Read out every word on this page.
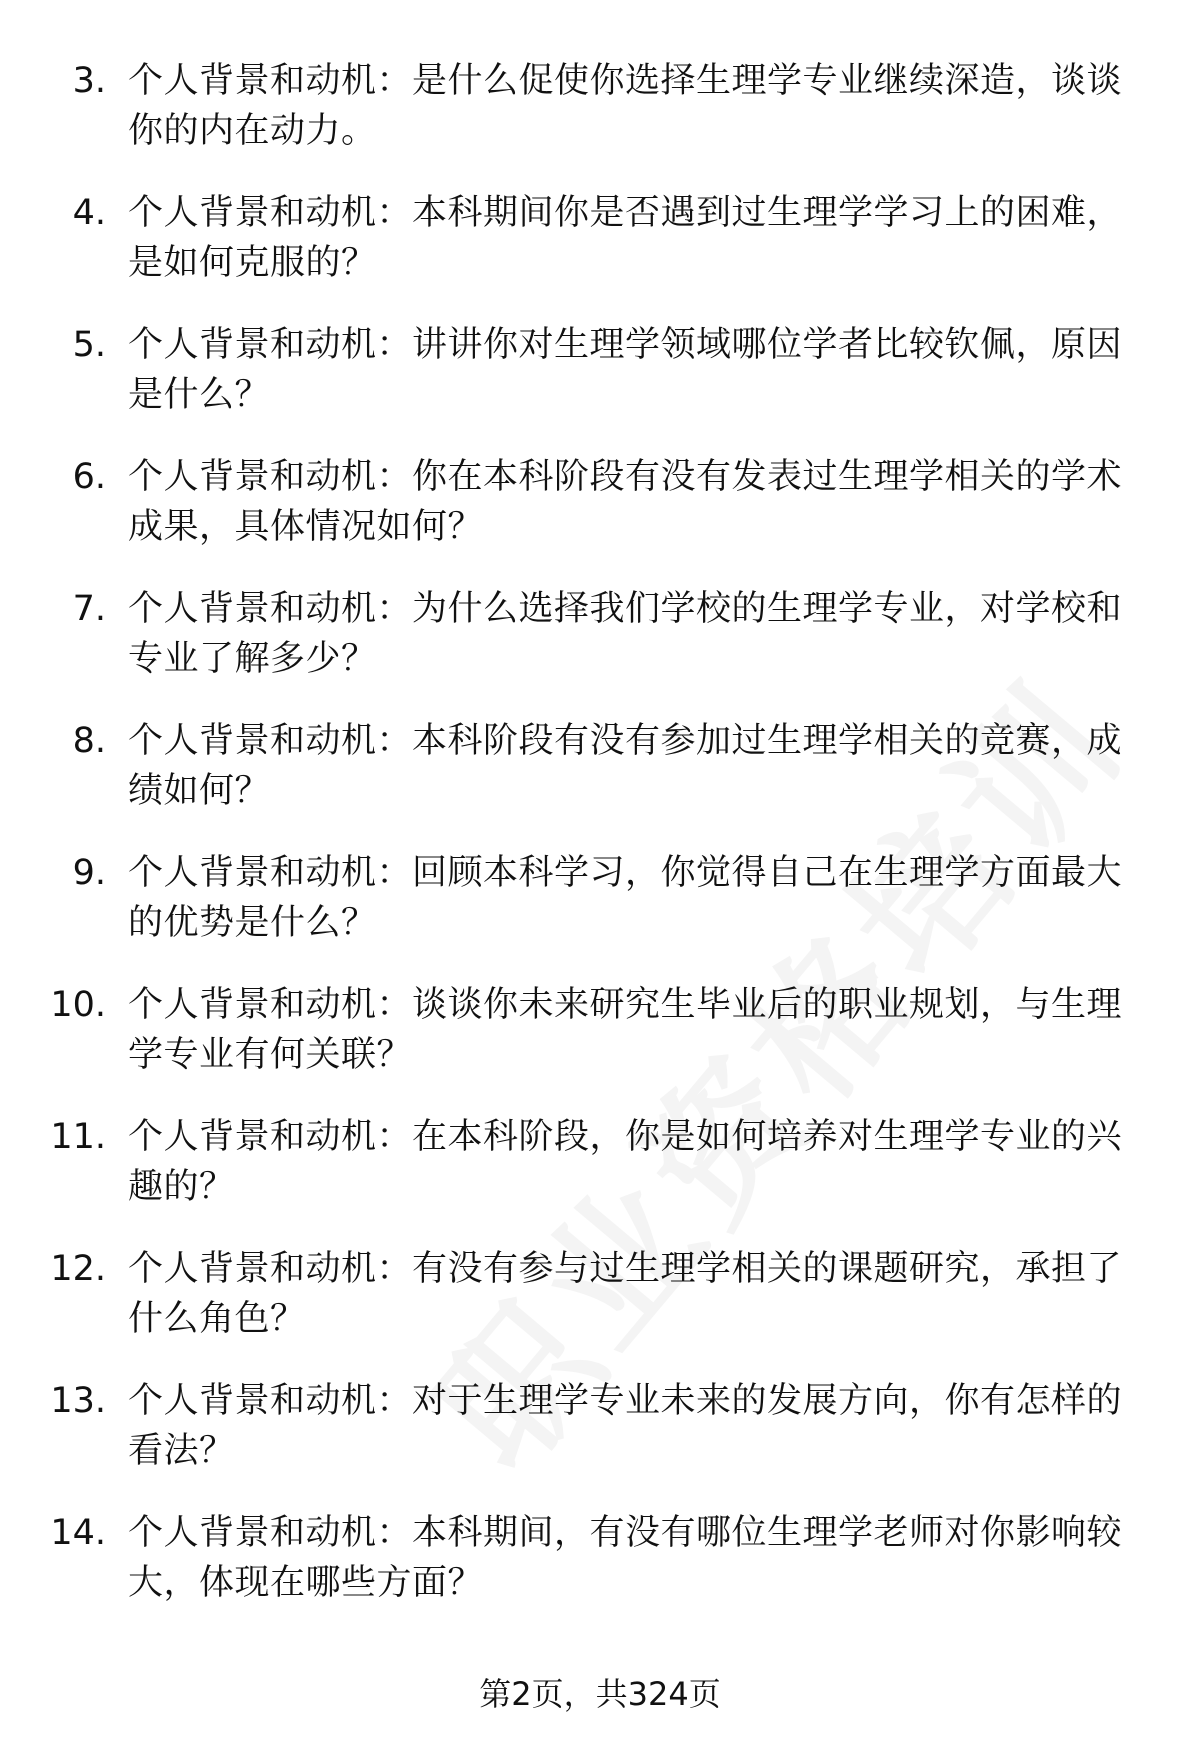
3. 个人背景和动机：是什么促使你选择生理学专业继续深造，谈谈你的内在动力。
4. 个人背景和动机：本科期间你是否遇到过生理学学习上的困难，是如何克服的？
5. 个人背景和动机：讲讲你对生理学领域哪位学者比较钦佩，原因是什么？
6. 个人背景和动机：你在本科阶段有没有发表过生理学相关的学术成果，具体情况如何？
7. 个人背景和动机：为什么选择我们学校的生理学专业，对学校和专业了解多少？
8. 个人背景和动机：本科阶段有没有参加过生理学相关的竞赛，成绩如何？
9. 个人背景和动机：回顾本科学习，你觉得自己在生理学方面最大的优势是什么？
10. 个人背景和动机：谈谈你未来研究生毕业后的职业规划，与生理学专业有何关联？
11. 个人背景和动机：在本科阶段，你是如何培养对生理学专业的兴趣的？
12. 个人背景和动机：有没有参与过生理学相关的课题研究，承担了什么角色？
13. 个人背景和动机：对于生理学专业未来的发展方向，你有怎样的看法？
14. 个人背景和动机：本科期间，有没有哪位生理学老师对你影响较大，体现在哪些方面？
第2页，共324页
